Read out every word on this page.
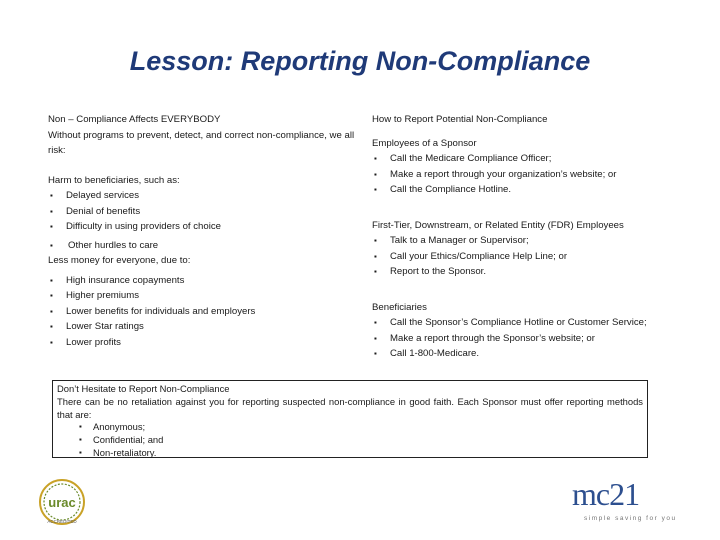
Lesson: Reporting Non-Compliance

Non – Compliance Affects EVERYBODY

Without programs to prevent, detect, and correct non-compliance, we all risk:

Harm to beneficiaries, such as:

▪ Delayed services
▪ Denial of benefits
▪ Difficulty in using providers of choice
▪ Other hurdles to care

Less money for everyone, due to:

▪ High insurance copayments
▪ Higher premiums
▪ Lower benefits for individuals and employers
▪ Lower Star ratings
▪ Lower profits

How to Report Potential Non-Compliance

Employees of a Sponsor

▪ Call the Medicare Compliance Officer;
▪ Make a report through your organization’s website; or
▪ Call the Compliance Hotline.

First-Tier, Downstream, or Related Entity (FDR) Employees

▪ Talk to a Manager or Supervisor;
▪ Call your Ethics/Compliance Help Line; or
▪ Report to the Sponsor.

Beneficiaries

▪ Call the Sponsor’s Compliance Hotline or Customer Service;
▪ Make a report through the Sponsor’s website; or
▪ Call 1-800-Medicare.
Don’t Hesitate to Report Non-Compliance
There can be no retaliation against you for reporting suspected non-compliance in good faith. Each Sponsor must offer reporting methods that are:
▪ Anonymous;
▪ Confidential; and
▪ Non-retaliatory.
urac
ACCREDITED
mc21
simple saving for you
